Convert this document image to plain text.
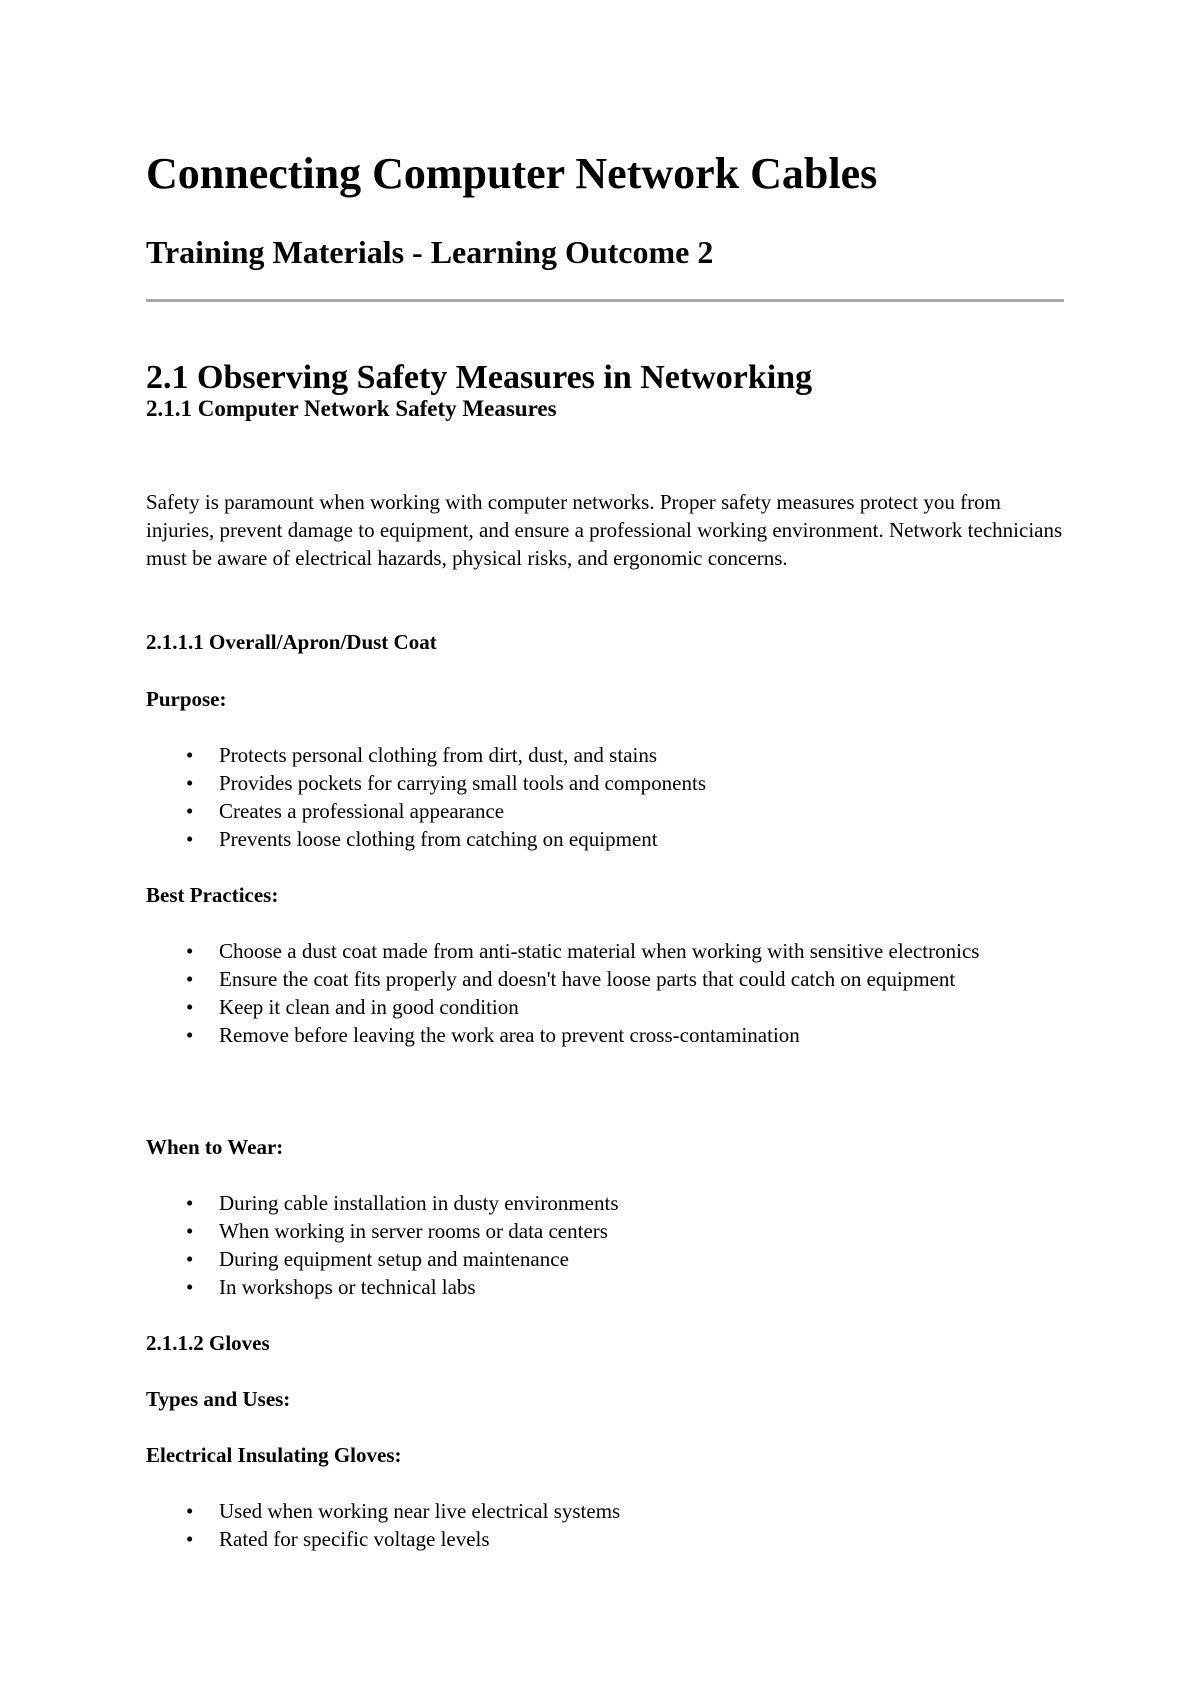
Connecting Computer Network Cables
Training Materials - Learning Outcome 2
2.1 Observing Safety Measures in Networking
2.1.1 Computer Network Safety Measures

Safety is paramount when working with computer networks. Proper safety measures protect you from injuries, prevent damage to equipment, and ensure a professional working environment. Network technicians must be aware of electrical hazards, physical risks, and ergonomic concerns.

2.1.1.1 Overall/Apron/Dust Coat
Purpose:
• Protects personal clothing from dirt, dust, and stains
• Provides pockets for carrying small tools and components
• Creates a professional appearance
• Prevents loose clothing from catching on equipment
Best Practices:
• Choose a dust coat made from anti-static material when working with sensitive electronics
• Ensure the coat fits properly and doesn't have loose parts that could catch on equipment
• Keep it clean and in good condition
• Remove before leaving the work area to prevent cross-contamination
When to Wear:
• During cable installation in dusty environments
• When working in server rooms or data centers
• During equipment setup and maintenance
• In workshops or technical labs
2.1.1.2 Gloves
Types and Uses:
Electrical Insulating Gloves:
• Used when working near live electrical systems
• Rated for specific voltage levels
